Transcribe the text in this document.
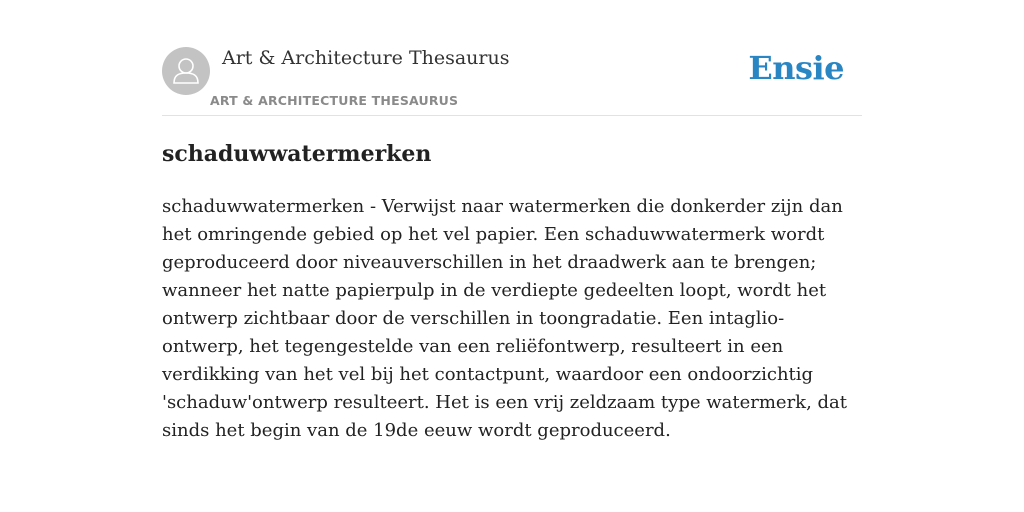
Art & Architecture Thesaurus
ART & ARCHITECTURE THESAURUS
Ensie
schaduwwatermerken

schaduwwatermerken - Verwijst naar watermerken die donkerder zijn dan het omringende gebied op het vel papier. Een schaduwwatermerk wordt geproduceerd door niveauverschillen in het draadwerk aan te brengen; wanneer het natte papierpulp in de verdiepte gedeelten loopt, wordt het ontwerp zichtbaar door de verschillen in toongradatie. Een intaglio-ontwerp, het tegengestelde van een reliëfontwerp, resulteert in een verdikking van het vel bij het contactpunt, waardoor een ondoorzichtig 'schaduw'ontwerp resulteert. Het is een vrij zeldzaam type watermerk, dat sinds het begin van de 19de eeuw wordt geproduceerd.
